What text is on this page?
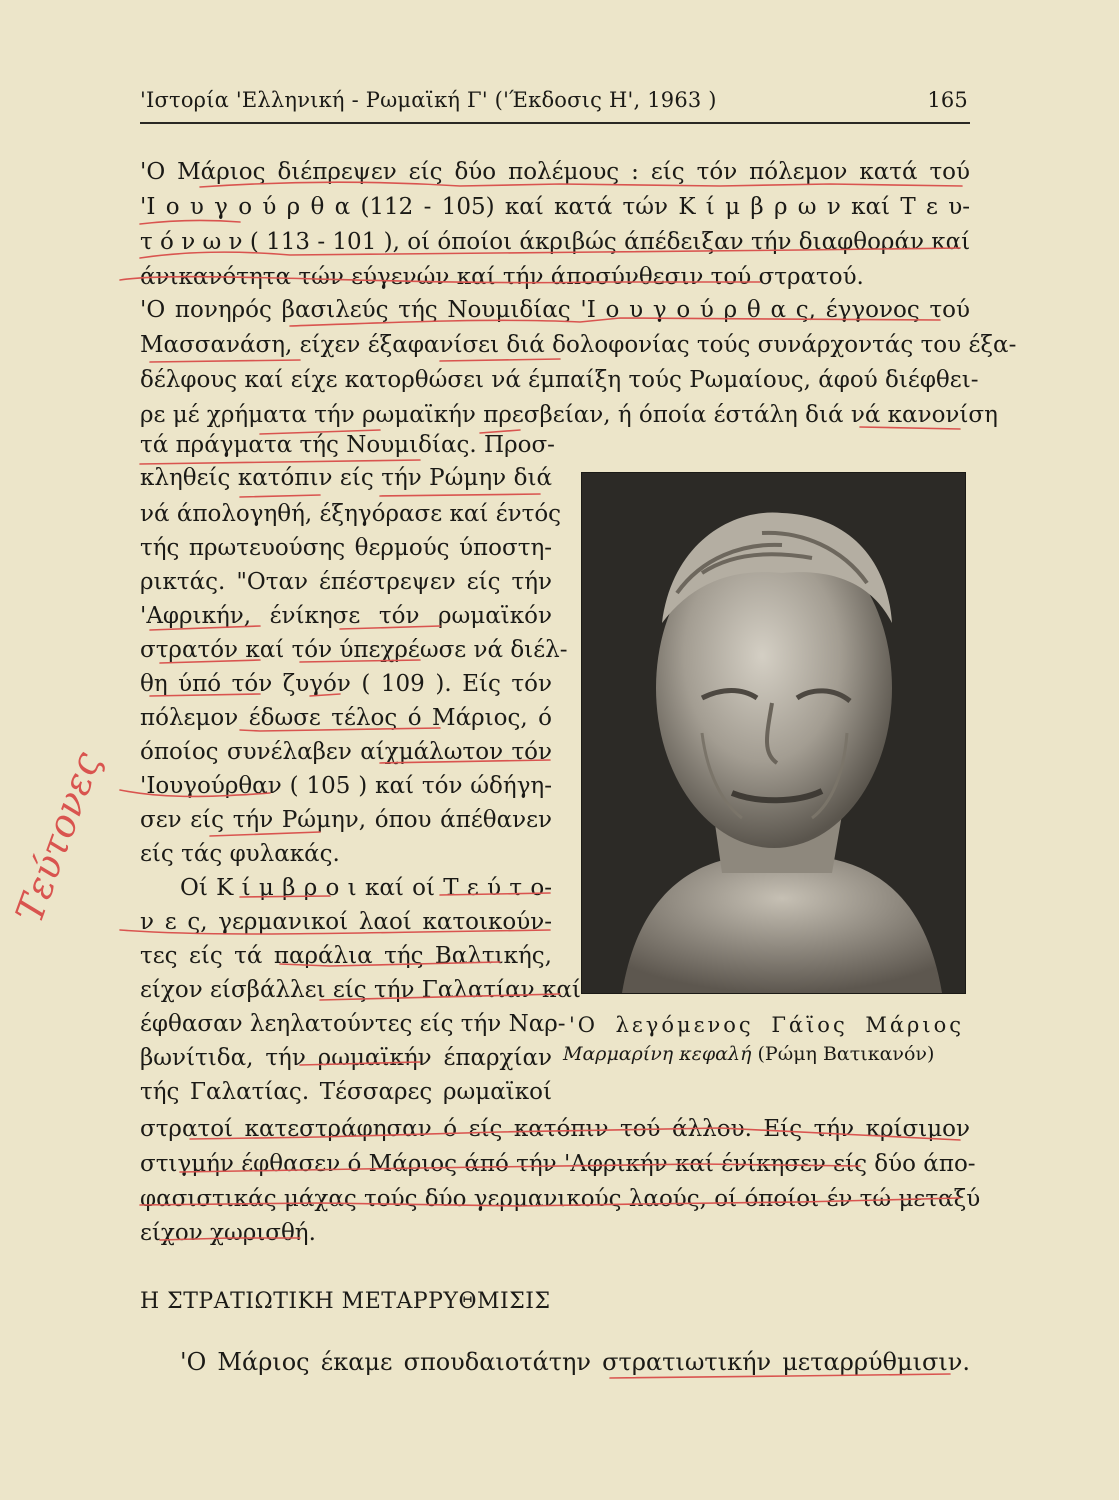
'Ιστορία 'Ελληνική - Ρωμαϊκή Γ' ('Έκδοσις Η', 1963 )	165
'Ο Μάριος διέπρεψεν είς δύο πολέμους : είς τόν πόλεμον κατά τού
'Ι ο υ γ ο ύ ρ θ α (112 - 105) καί κατά τών Κ ί μ β ρ ω ν καί Τ ε υ-
τ ό ν ω ν ( 113 - 101 ), οί όποίοι άκριβώς άπέδειξαν τήν διαφθοράν καί
άνικανότητα τών εύγενών καί τήν άποσύνθεσιν τού στρατού.
'Ο πονηρός βασιλεύς τής Νουμιδίας 'Ι ο υ γ ο ύ ρ θ α ς, έγγονος τού
Μασσανάση, είχεν έξαφανίσει διά δολοφονίας τούς συνάρχοντάς του έξα-
δέλφους καί είχε κατορθώσει νά έμπαίξη τούς Ρωμαίους, άφού διέφθει-
ρε μέ χρήματα τήν ρωμαϊκήν πρεσβείαν, ή όποία έστάλη διά νά κανονίση
τά πράγματα τής Νουμιδίας. Προσ-
κληθείς κατόπιν είς τήν Ρώμην διά
νά άπολογηθή, έξηγόρασε καί έντός
τής πρωτευούσης θερμούς ύποστη-
ρικτάς. "Οταν έπέστρεψεν είς τήν
'Αφρικήν, ένίκησε τόν ρωμαϊκόν
στρατόν καί τόν ύπεχρέωσε νά διέλ-
θη ύπό τόν ζυγόν ( 109 ). Είς τόν
πόλεμον έδωσε τέλος ό Μάριος, ό
όποίος συνέλαβεν αίχμάλωτον τόν
'Ιουγούρθαν ( 105 ) καί τόν ώδήγη-
σεν είς τήν Ρώμην, όπου άπέθανεν
είς τάς φυλακάς.
Οί Κ ί μ β ρ ο ι καί οί Τ ε ύ τ ο-
ν ε ς, γερμανικοί λαοί κατοικούν-
τες είς τά παράλια τής Βαλτικής,
είχον είσβάλλει είς τήν Γαλατίαν καί
έφθασαν λεηλατούντες είς τήν Ναρ-
βωνίτιδα, τήν ρωμαϊκήν έπαρχίαν
τής Γαλατίας. Τέσσαρες ρωμαϊκοί
στρατοί κατεστράφησαν ό είς κατόπιν τού άλλου. Είς τήν κρίσιμον
στιγμήν έφθασεν ό Μάριος άπό τήν 'Αφρικήν καί ένίκησεν είς δύο άπο-
φασιστικάς μάχας τούς δύο γερμανικούς λαούς, οί όποίοι έν τώ μεταξύ
είχον χωρισθή.
'Ο λεγόμενος Γάϊος Μάριος
Μαρμαρίνη κεφαλή (Ρώμη Βατικανόν)
Η ΣΤΡΑΤΙΩΤΙΚΗ ΜΕΤΑΡΡΥΘΜΙΣΙΣ
'Ο Μάριος έκαμε σπουδαιοτάτην στρατιωτικήν μεταρρύθμισιν.
Τεύτονες
